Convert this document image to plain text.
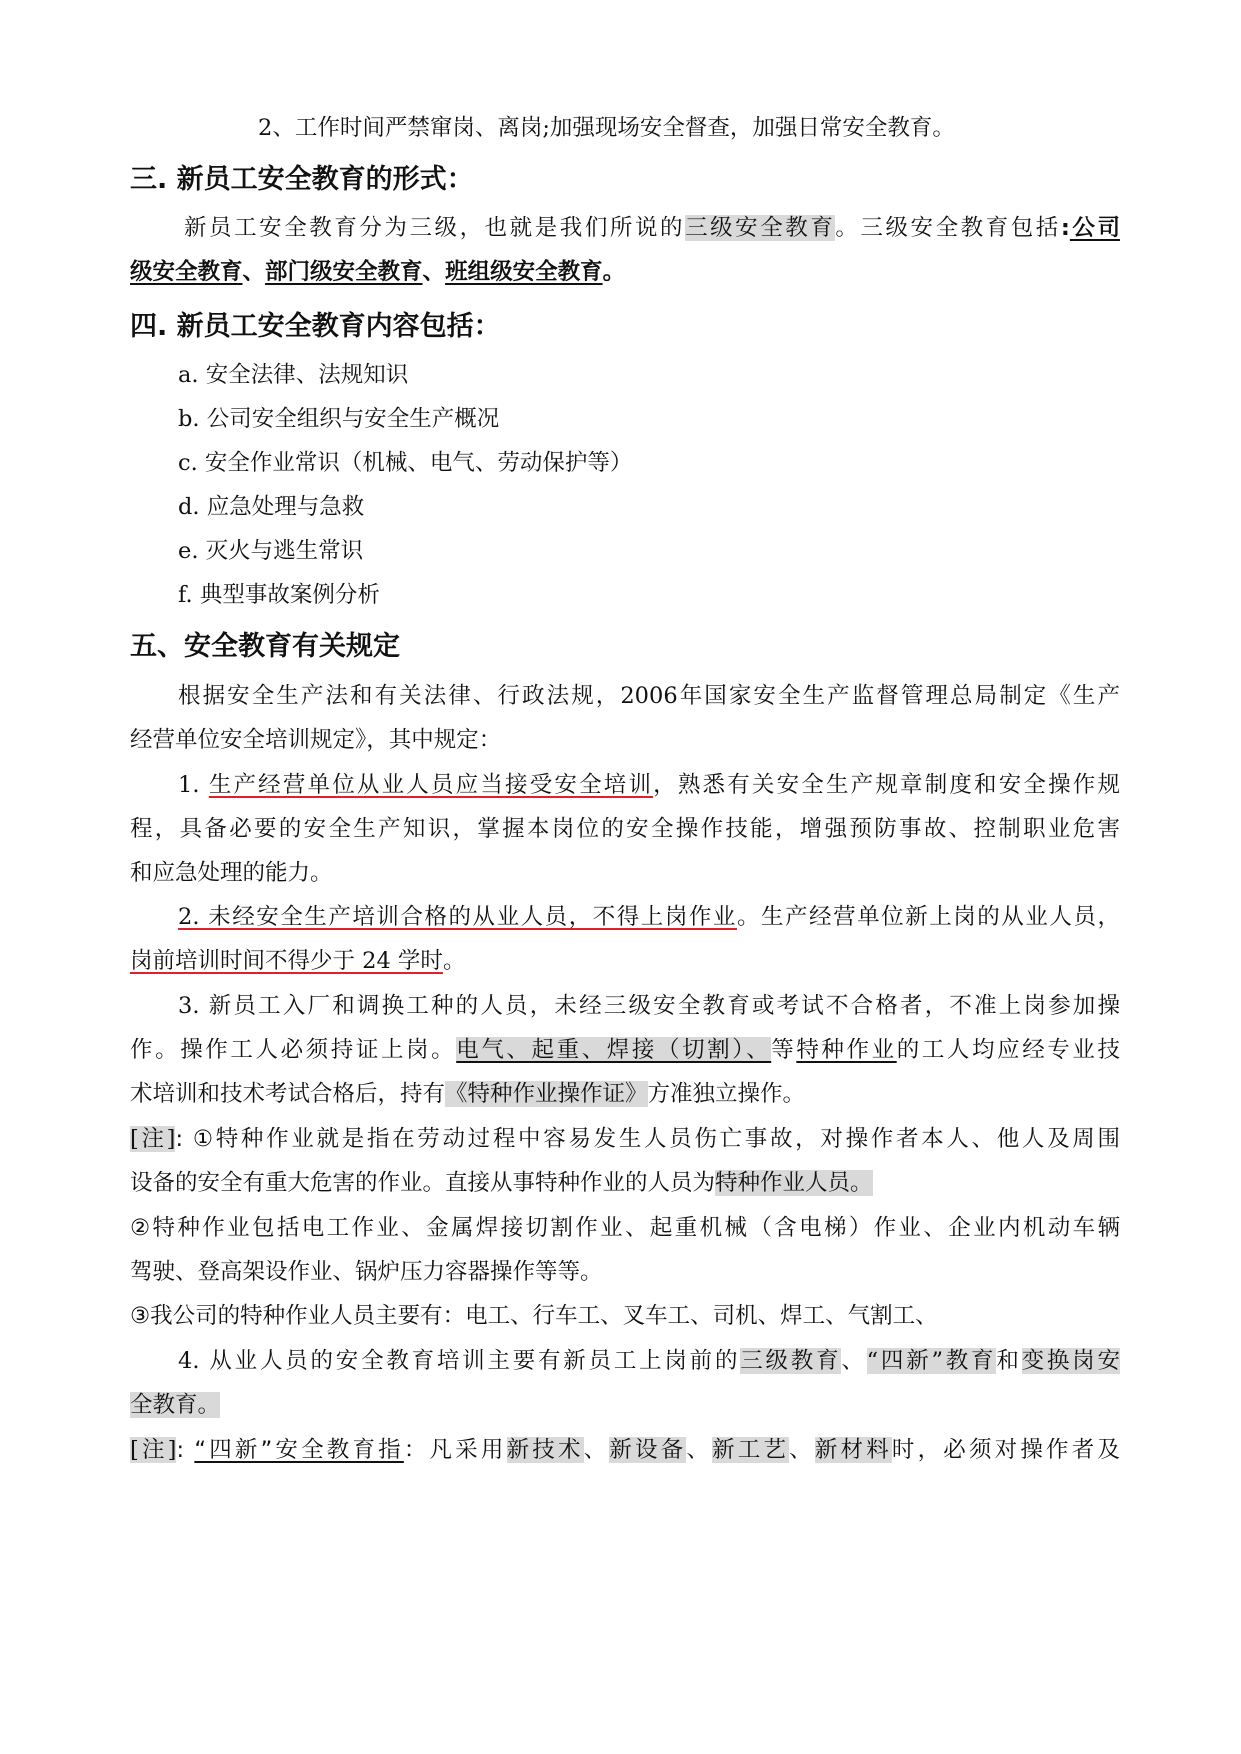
2、工作时间严禁窜岗、离岗;加强现场安全督查，加强日常安全教育。
三. 新员工安全教育的形式：
新员工安全教育分为三级，也就是我们所说的三级安全教育。三级安全教育包括:公司
级安全教育、部门级安全教育、班组级安全教育。
四. 新员工安全教育内容包括：
a. 安全法律、法规知识
b. 公司安全组织与安全生产概况
c. 安全作业常识（机械、电气、劳动保护等）
d. 应急处理与急救
e. 灭火与逃生常识
f. 典型事故案例分析
五、安全教育有关规定
根据安全生产法和有关法律、行政法规，2006年国家安全生产监督管理总局制定《生产
经营单位安全培训规定》，其中规定：
1. 生产经营单位从业人员应当接受安全培训，熟悉有关安全生产规章制度和安全操作规
程，具备必要的安全生产知识，掌握本岗位的安全操作技能，增强预防事故、控制职业危害
和应急处理的能力。
2. 未经安全生产培训合格的从业人员，不得上岗作业。生产经营单位新上岗的从业人员，
岗前培训时间不得少于 24 学时。
3. 新员工入厂和调换工种的人员，未经三级安全教育或考试不合格者，不准上岗参加操
作。操作工人必须持证上岗。电气、起重、焊接（切割）、等特种作业的工人均应经专业技
术培训和技术考试合格后，持有《特种作业操作证》方准独立操作。
[注]: ①特种作业就是指在劳动过程中容易发生人员伤亡事故，对操作者本人、他人及周围
设备的安全有重大危害的作业。直接从事特种作业的人员为特种作业人员。
②特种作业包括电工作业、金属焊接切割作业、起重机械（含电梯）作业、企业内机动车辆
驾驶、登高架设作业、锅炉压力容器操作等等。
③我公司的特种作业人员主要有：电工、行车工、叉车工、司机、焊工、气割工、
4. 从业人员的安全教育培训主要有新员工上岗前的三级教育、“四新”教育和变换岗安
全教育。
[注]: “四新”安全教育指：凡采用新技术、新设备、新工艺、新材料时，必须对操作者及
